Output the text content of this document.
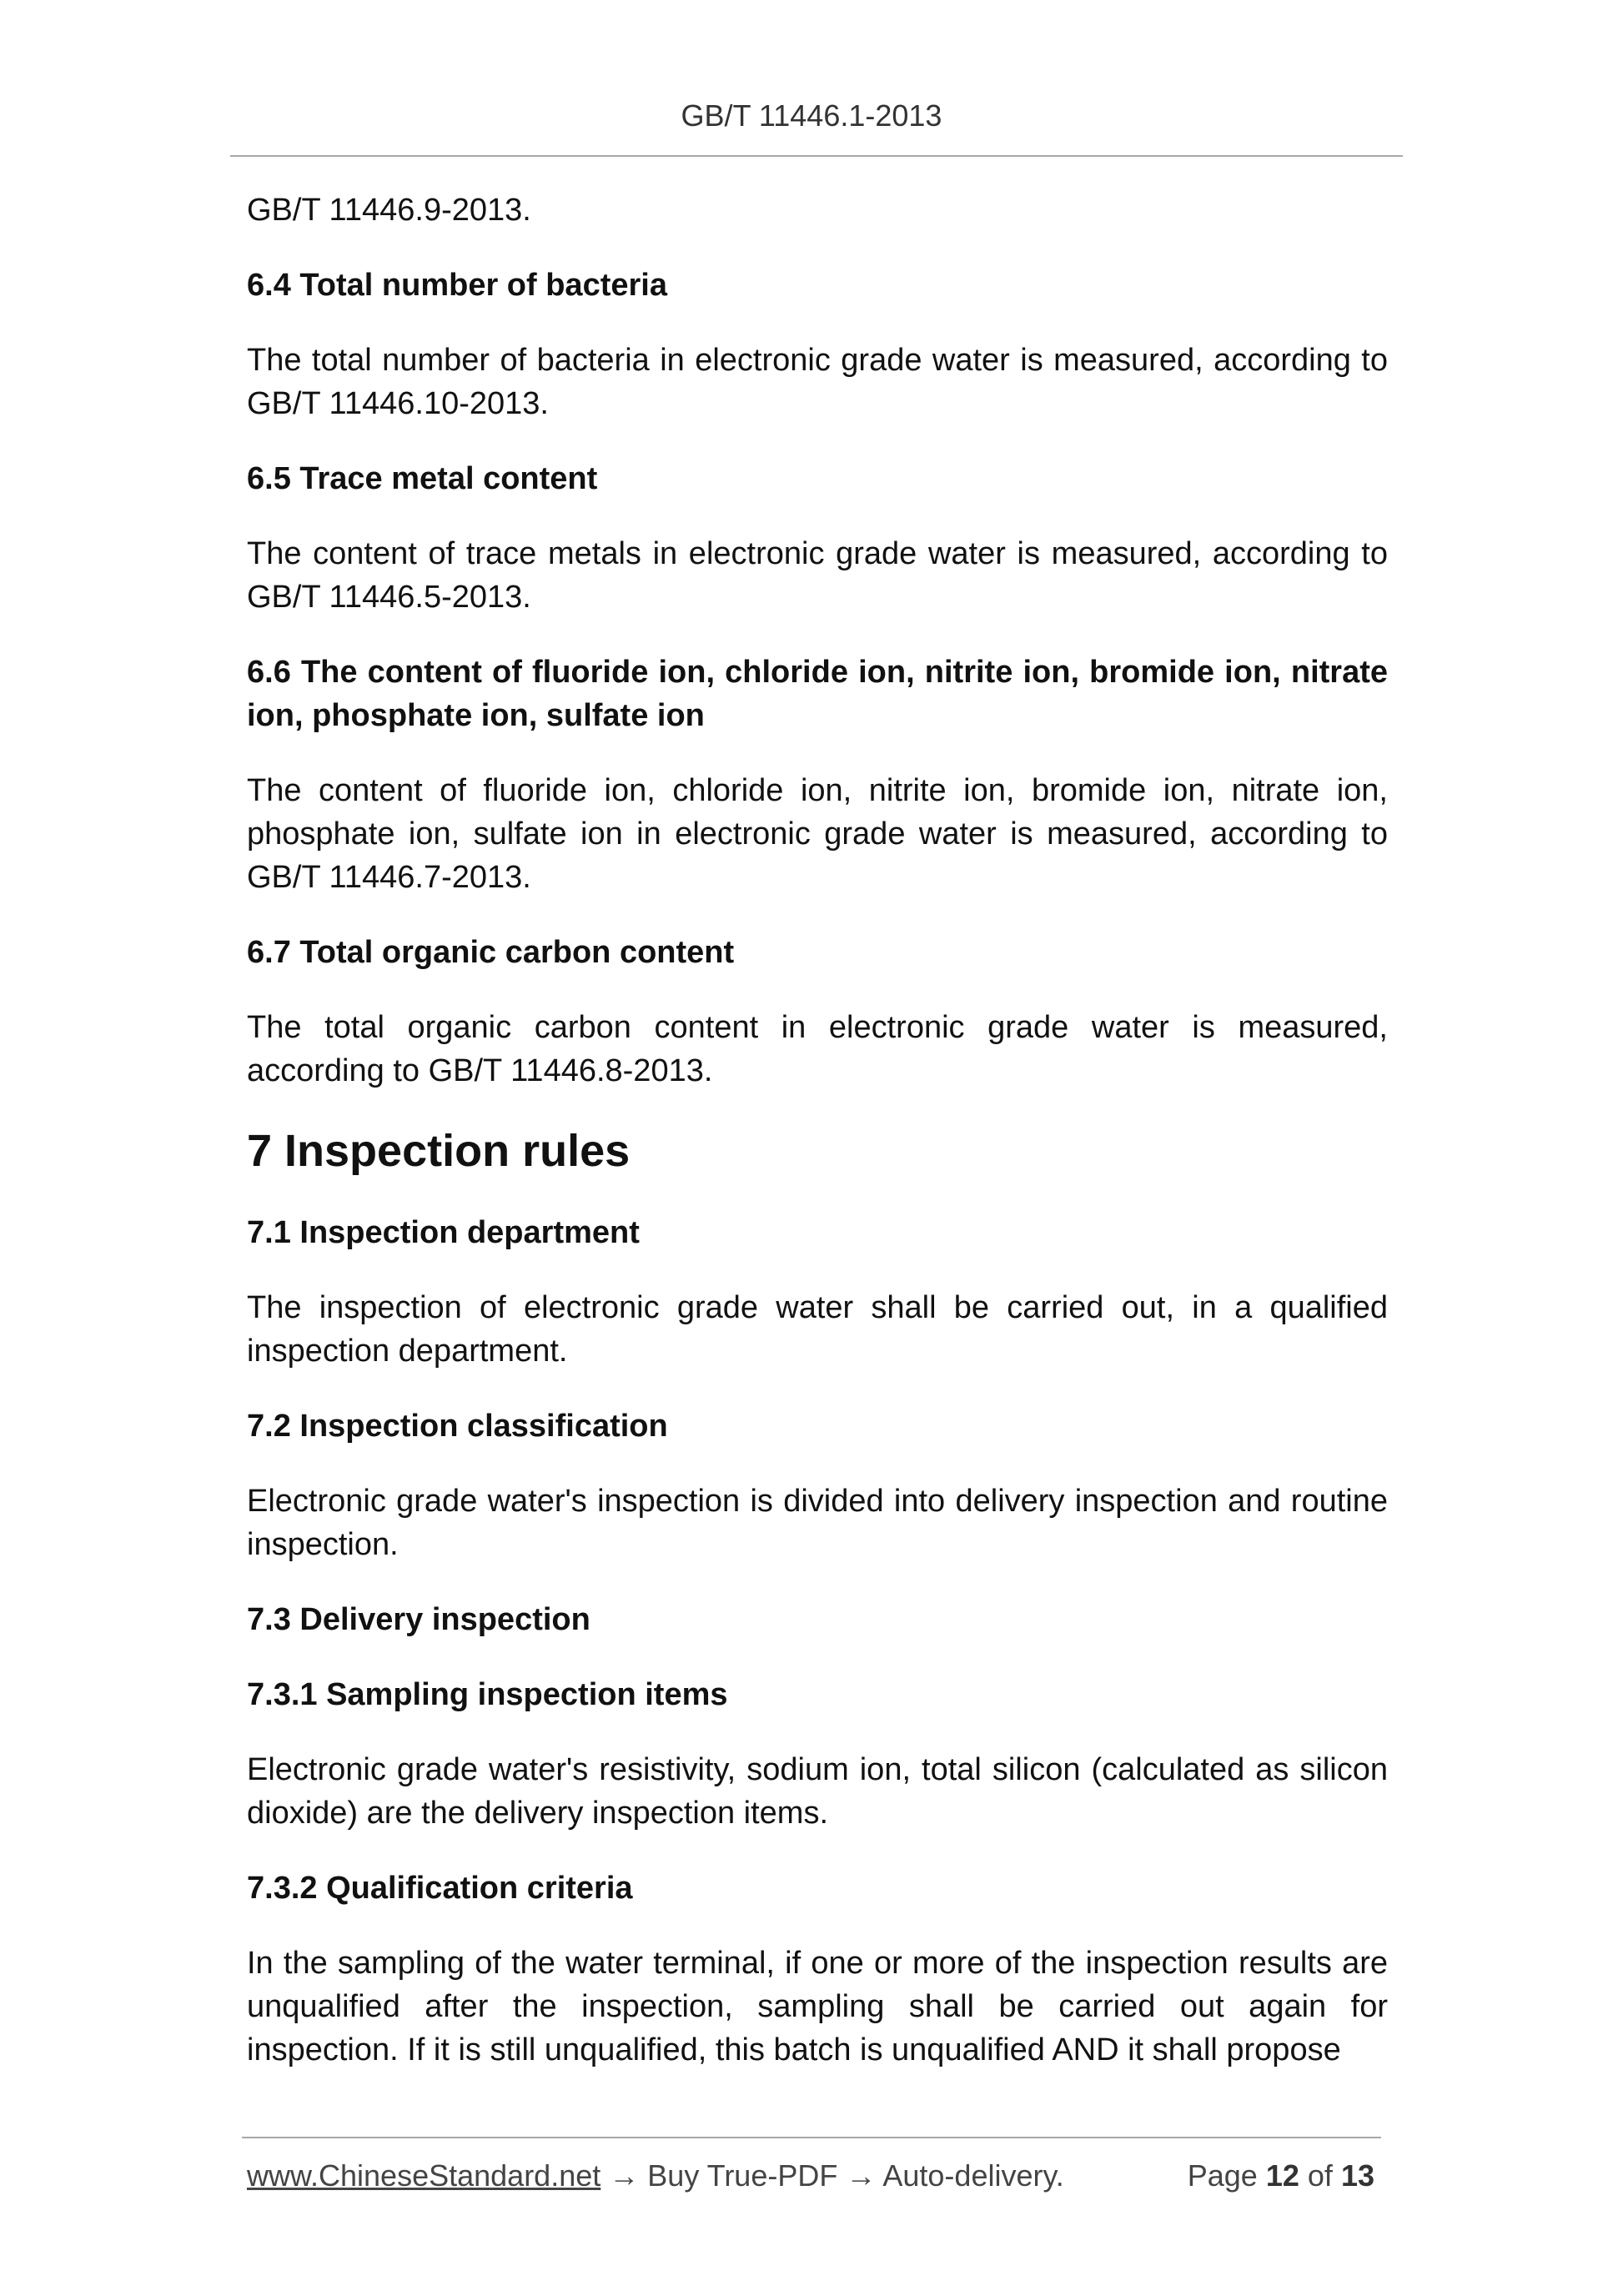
GB/T 11446.1-2013
GB/T 11446.9-2013.
6.4 Total number of bacteria
The total number of bacteria in electronic grade water is measured, according to GB/T 11446.10-2013.
6.5 Trace metal content
The content of trace metals in electronic grade water is measured, according to GB/T 11446.5-2013.
6.6 The content of fluoride ion, chloride ion, nitrite ion, bromide ion, nitrate ion, phosphate ion, sulfate ion
The content of fluoride ion, chloride ion, nitrite ion, bromide ion, nitrate ion, phosphate ion, sulfate ion in electronic grade water is measured, according to GB/T 11446.7-2013.
6.7 Total organic carbon content
The total organic carbon content in electronic grade water is measured, according to GB/T 11446.8-2013.
7 Inspection rules
7.1 Inspection department
The inspection of electronic grade water shall be carried out, in a qualified inspection department.
7.2 Inspection classification
Electronic grade water's inspection is divided into delivery inspection and routine inspection.
7.3 Delivery inspection
7.3.1 Sampling inspection items
Electronic grade water's resistivity, sodium ion, total silicon (calculated as silicon dioxide) are the delivery inspection items.
7.3.2 Qualification criteria
In the sampling of the water terminal, if one or more of the inspection results are unqualified after the inspection, sampling shall be carried out again for inspection. If it is still unqualified, this batch is unqualified AND it shall propose
www.ChineseStandard.net → Buy True-PDF → Auto-delivery.	Page 12 of 13
